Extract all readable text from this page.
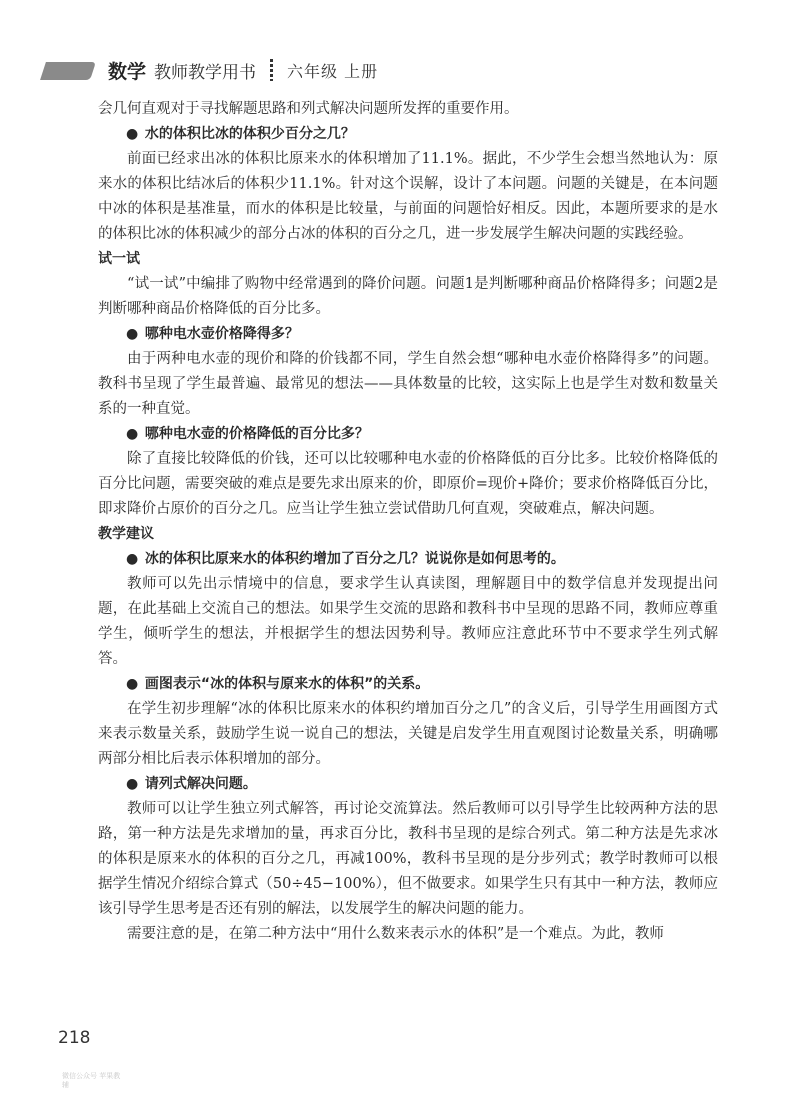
数学 教师教学用书 六年级 上册

会几何直观对于寻找解题思路和列式解决问题所发挥的重要作用。

● 水的体积比冰的体积少百分之几？

前面已经求出冰的体积比原来水的体积增加了11.1%。据此，不少学生会想当然地认为：原来水的体积比结冰后的体积少11.1%。针对这个误解，设计了本问题。问题的关键是，在本问题中冰的体积是基准量，而水的体积是比较量，与前面的问题恰好相反。因此，本题所要求的是水的体积比冰的体积减少的部分占冰的体积的百分之几，进一步发展学生解决问题的实践经验。

试一试

“试一试”中编排了购物中经常遇到的降价问题。问题1是判断哪种商品价格降得多；问题2是判断哪种商品价格降低的百分比多。

● 哪种电水壶价格降得多？

由于两种电水壶的现价和降的价钱都不同，学生自然会想“哪种电水壶价格降得多”的问题。教科书呈现了学生最普遍、最常见的想法——具体数量的比较，这实际上也是学生对数和数量关系的一种直觉。

● 哪种电水壶的价格降低的百分比多？

除了直接比较降低的价钱，还可以比较哪种电水壶的价格降低的百分比多。比较价格降低的百分比问题，需要突破的难点是要先求出原来的价，即原价=现价+降价；要求价格降低百分比，即求降价占原价的百分之几。应当让学生独立尝试借助几何直观，突破难点，解决问题。

教学建议

● 冰的体积比原来水的体积约增加了百分之几？说说你是如何思考的。

教师可以先出示情境中的信息，要求学生认真读图，理解题目中的数学信息并发现提出问题，在此基础上交流自己的想法。如果学生交流的思路和教科书中呈现的思路不同，教师应尊重学生，倾听学生的想法，并根据学生的想法因势利导。教师应注意此环节中不要求学生列式解答。

● 画图表示“冰的体积与原来水的体积”的关系。

在学生初步理解“冰的体积比原来水的体积约增加百分之几”的含义后，引导学生用画图方式来表示数量关系，鼓励学生说一说自己的想法，关键是启发学生用直观图讨论数量关系，明确哪两部分相比后表示体积增加的部分。

● 请列式解决问题。

教师可以让学生独立列式解答，再讨论交流算法。然后教师可以引导学生比较两种方法的思路，第一种方法是先求增加的量，再求百分比，教科书呈现的是综合列式。第二种方法是先求冰的体积是原来水的体积的百分之几，再减100%，教科书呈现的是分步列式；教学时教师可以根据学生情况介绍综合算式（50÷45−100%），但不做要求。如果学生只有其中一种方法，教师应该引导学生思考是否还有别的解法，以发展学生的解决问题的能力。

需要注意的是，在第二种方法中“用什么数来表示水的体积”是一个难点。为此，教师

218
微信公众号 苹果教辅
